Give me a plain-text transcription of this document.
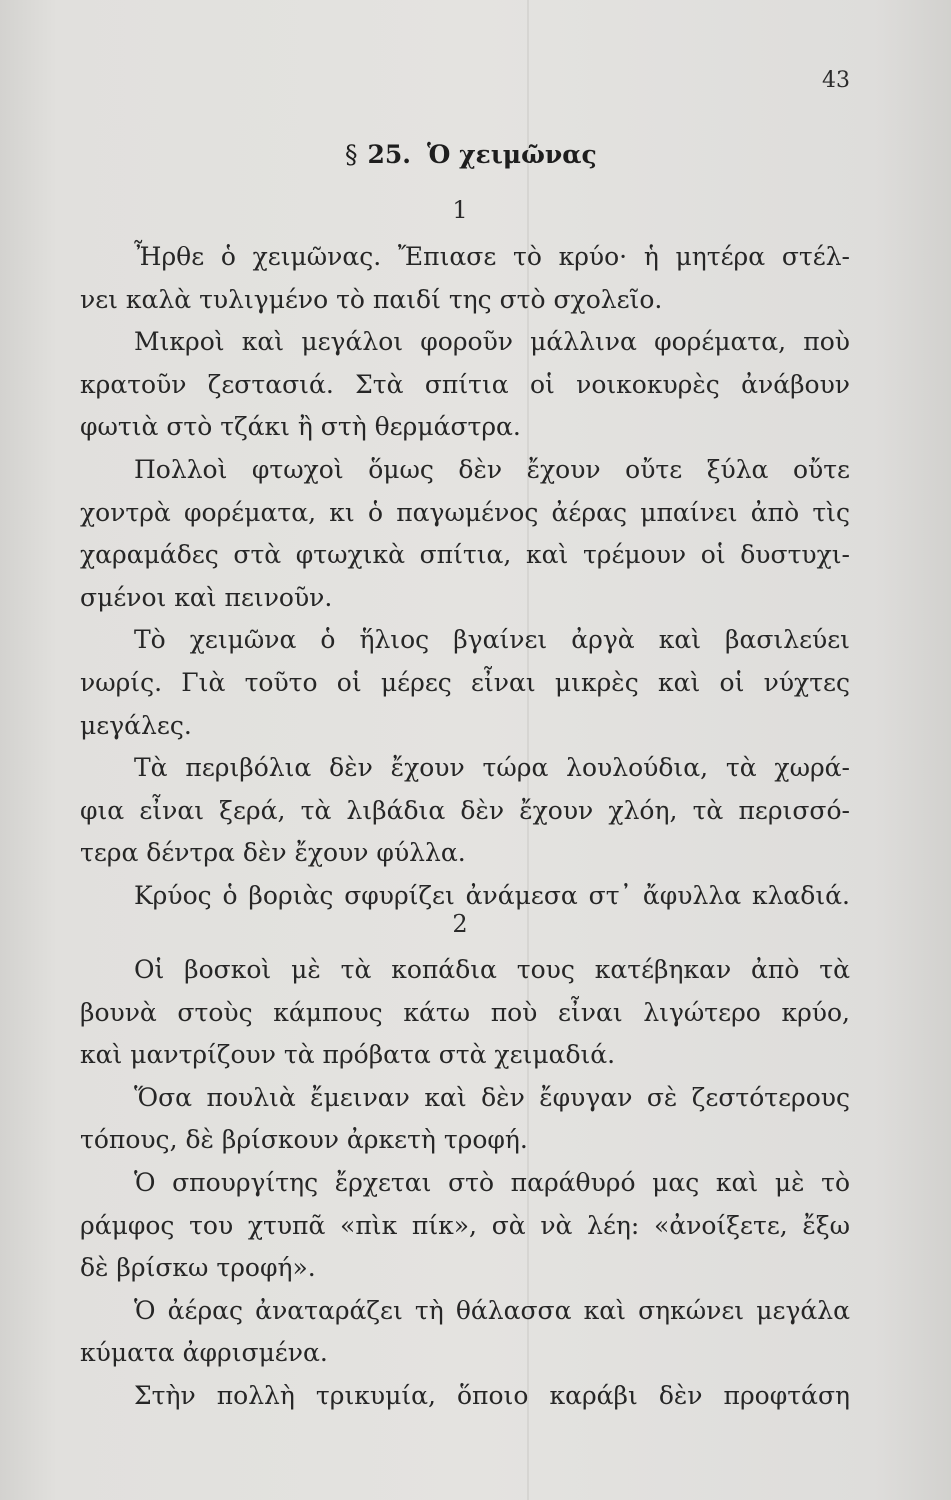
43
§ 25. Ὁ χειμῶνας
1
Ἦρθε ὁ χειμῶνας. Ἔπιασε τὸ κρύο· ἡ μητέρα στέλ-
νει καλὰ τυλιγμένο τὸ παιδί της στὸ σχολεῖο.
Μικροὶ καὶ μεγάλοι φοροῦν μάλλινα φορέματα, ποὺ
κρατοῦν ζεστασιά. Στὰ σπίτια οἱ νοικοκυρὲς ἀνάβουν
φωτιὰ στὸ τζάκι ἢ στὴ θερμάστρα.
Πολλοὶ φτωχοὶ ὅμως δὲν ἔχουν οὔτε ξύλα οὔτε
χοντρὰ φορέματα, κι ὁ παγωμένος ἀέρας μπαίνει ἀπὸ τὶς
χαραμάδες στὰ φτωχικὰ σπίτια, καὶ τρέμουν οἱ δυστυχι-
σμένοι καὶ πεινοῦν.
Τὸ χειμῶνα ὁ ἥλιος βγαίνει ἀργὰ καὶ βασιλεύει
νωρίς. Γιὰ τοῦτο οἱ μέρες εἶναι μικρὲς καὶ οἱ νύχτες
μεγάλες.
Τὰ περιβόλια δὲν ἔχουν τώρα λουλούδια, τὰ χωρά-
φια εἶναι ξερά, τὰ λιβάδια δὲν ἔχουν χλόη, τὰ περισσό-
τερα δέντρα δὲν ἔχουν φύλλα.
Κρύος ὁ βοριὰς σφυρίζει ἀνάμεσα στ᾽ ἄφυλλα κλαδιά.
2
Οἱ βοσκοὶ μὲ τὰ κοπάδια τους κατέβηκαν ἀπὸ τὰ
βουνὰ στοὺς κάμπους κάτω ποὺ εἶναι λιγώτερο κρύο,
καὶ μαντρίζουν τὰ πρόβατα στὰ χειμαδιά.
Ὅσα πουλιὰ ἔμειναν καὶ δὲν ἔφυγαν σὲ ζεστότερους
τόπους, δὲ βρίσκουν ἀρκετὴ τροφή.
Ὁ σπουργίτης ἔρχεται στὸ παράθυρό μας καὶ μὲ τὸ
ράμφος του χτυπᾶ «πὶκ πίκ», σὰ νὰ λέη: «ἀνοίξετε, ἔξω
δὲ βρίσκω τροφή».
Ὁ ἀέρας ἀναταράζει τὴ θάλασσα καὶ σηκώνει μεγάλα
κύματα ἀφρισμένα.
Στὴν πολλὴ τρικυμία, ὅποιο καράβι δὲν προφτάση
